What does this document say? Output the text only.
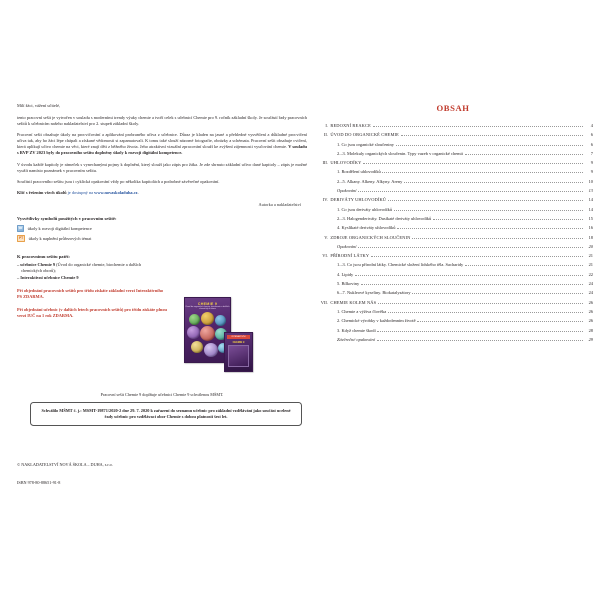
Milí žáci, vážení učitelé,

tento pracovní sešit je vytvořen v souladu s moderními trendy výuky chemie a tvoří celek s učebnicí Chemie pro 9. ročník základní školy. Je součástí řady pracovních sešitů k učebnicím našeho nakladatelství pro 2. stupeň základní školy.

Pracovní sešit obsahuje úkoly na procvičování a aplikování probraného učiva z učebnice. Důraz je kladen na jasné a přehledné vysvětlení a důkladné procvičení učiva tak, aby ho žáci lépe chápali a získané vědomosti si zapamatovali. K tomu také slouží názorné fotografie, obrázky a schémata. Pracovní sešit obsahuje cvičení, která aplikují učivo chemie na věci, které znají děti z běžného života. Jeho atraktivní vizuální zpracování slouží ke zvýšení zájemnosti vyučování chemie. V souladu s RVP ZV 2023 byly do pracovního sešitu doplněny úkoly k rozvoji digitální kompetence.

V úvodu každé kapitoly je rámeček s vynechanými pojmy k doplnění, který slouží jako zápis pro žáka. Je zde shrnuto základní učivo dané kapitoly – zápis je možné využít namísto poznámek v pracovním sešitu.

Součástí pracovního sešitu jsou i cyklická opakování vždy po několika kapitolách a podrobné závěrečné opakování.

Klíč s řešením všech úkolů je dostupný na www.novaskoladuha.cz.

Autorka a nakladatelství

Vysvětlivky symbolů použitých v pracovním sešitě:
úkoly k rozvoji digitální kompetence
PT	úkoly k naplnění průřezových témat
K pracovnímu sešitu patří:
– učebnice Chemie 9 (Úvod do organické chemie, biochemie a dalších
chemických oborů);
– Interaktivní učebnice Chemie 9

Při objednání pracovních sešitů pro třídu získáte základní verzi Interaktivního PS ZDARMA.

Při objednání učebnic (v dalších letech pracovních sešitů) pro třídu získáte plnou verzi IUČ na 1 rok ZDARMA.

CHEMIE 9
Úvod do organické chemie, biochemie a dalších chemických oborů
INTERAKTIVNÍ
CHEMIE 9
Pracovní sešit Chemie 9 doplňuje učebnici Chemie 9 schválenou MŠMT.
Schválilo MŠMT č. j.: MSMT-19871/2020-2 dne 29. 7. 2020 k zařazení do seznamu učebnic pro základní vzdělávání jako součást ucelené řady učebnic pro vzdělávací obor Chemie s dobou platnosti šest let.
© NAKLADATELSTVÍ NOVÁ ŠKOLA – DUHA, s.r.o.
ISBN 978-80-88651-91-8
OBSAH
I. REDOXNÍ REAKCE	4
II. ÚVOD DO ORGANICKÉ CHEMIE	6
1. Co jsou organické sloučeniny	6
2.–3. Molekuly organických sloučenin. Typy vazeb v organické chemii	7
III. UHLOVODÍKY	9
1. Rozdělení uhlovodíků	9
2.–5. Alkany. Alkeny. Alkyny. Areny	10
Opakování	13
IV. DERIVÁTY UHLOVODÍKŮ	14
1. Co jsou deriváty uhlovodíků	14
2.–3. Halogenderiváty. Dusíkaté deriváty uhlovodíků	15
4. Kyslíkaté deriváty uhlovodíků	16
V. ZDROJE ORGANICKÝCH SLOUČENIN	18
Opakování	20
VI. PŘÍRODNÍ LÁTKY	21
1.–3. Co jsou přírodní látky. Chemické složení lidského těla. Sacharidy	21
4. Lipidy	22
5. Bílkoviny	24
6.–7. Nukleové kyseliny. Biokatalyzátory	24
VII. CHEMIE KOLEM NÁS	26
1. Chemie a výživa člověka	26
2. Chemické výrobky v každodenním životě	26
3. Když chemie škodí	28
Závěrečné opakování	29
